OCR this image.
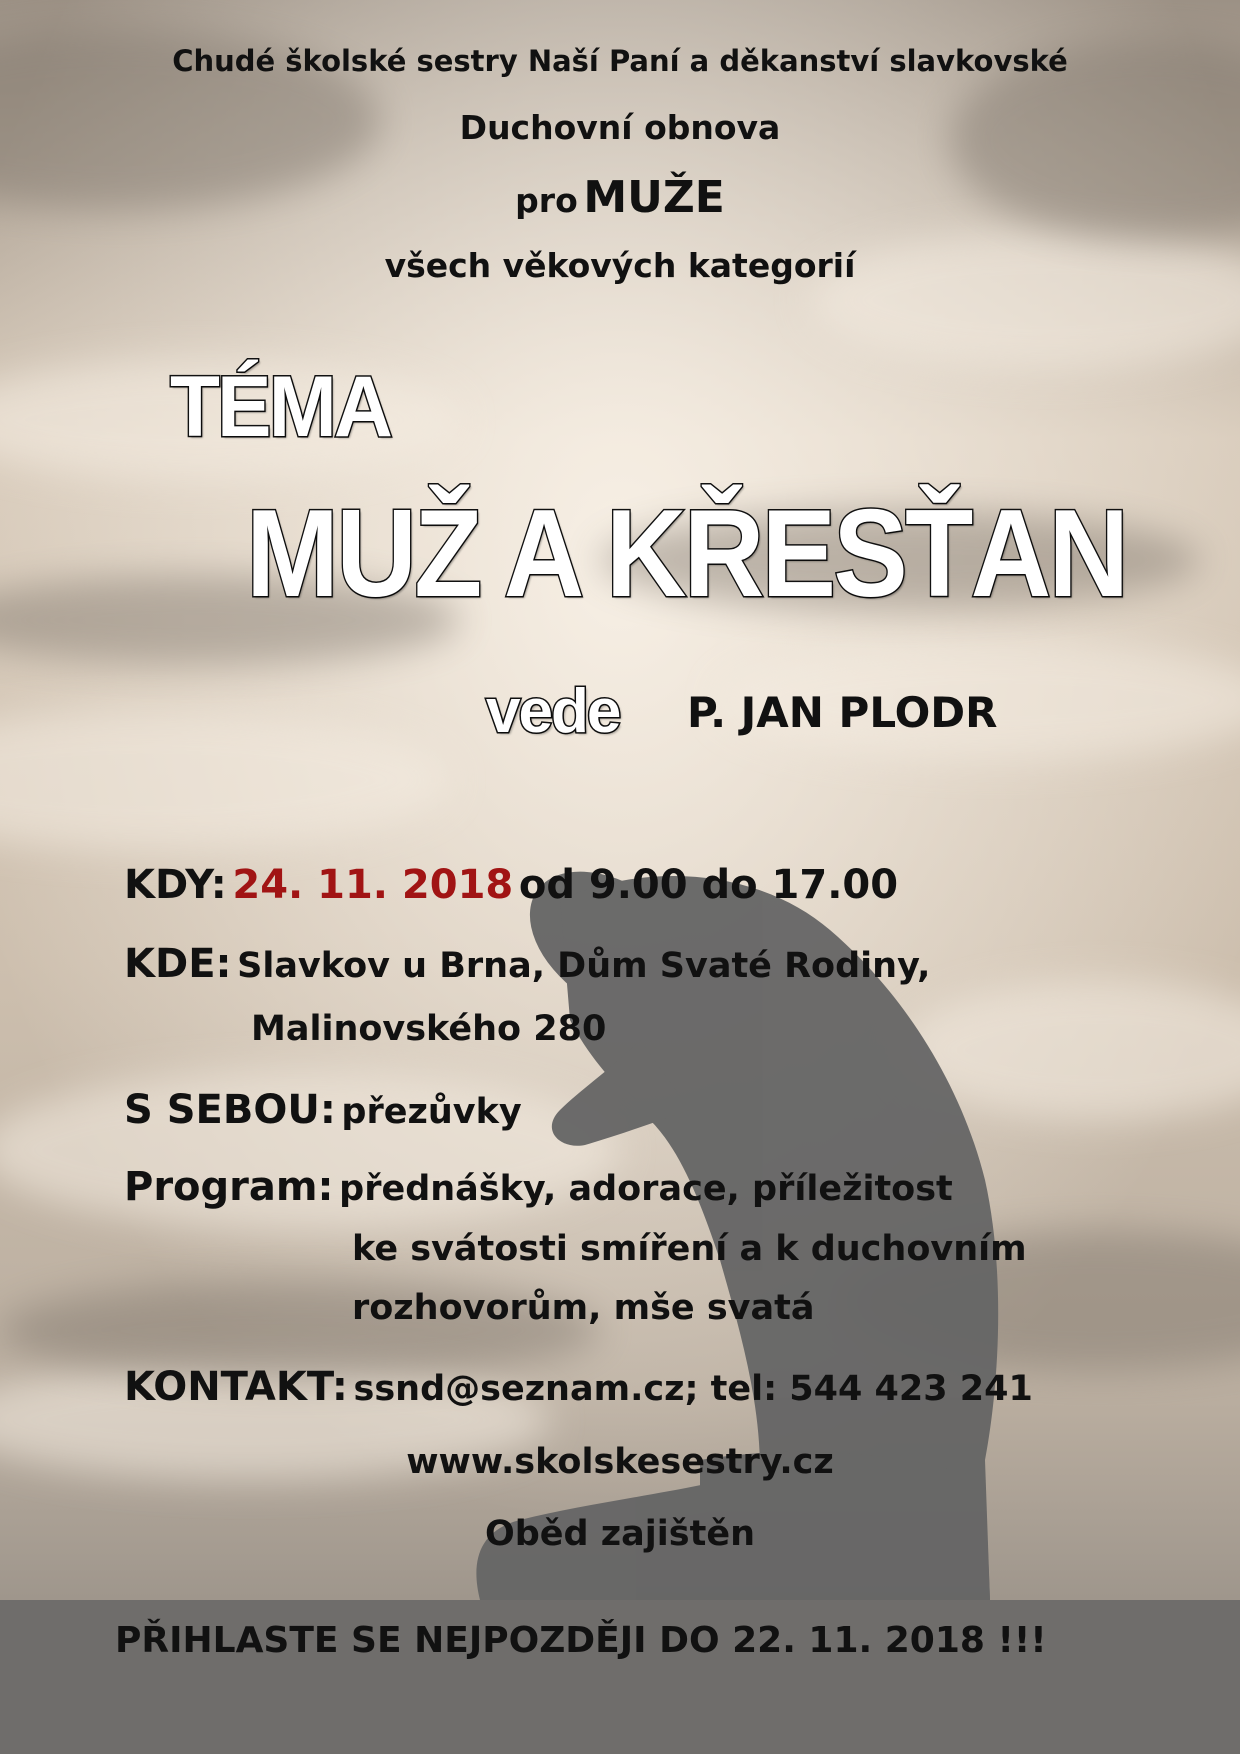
Chudé školské sestry Naší Paní a děkanství slavkovské
Duchovní obnova
pro MUŽE
všech věkových kategorií
TÉMA
MUŽ A KŘESŤAN
vede P. JAN PLODR
KDY: 24. 11. 2018 od 9.00 do 17.00
KDE: Slavkov u Brna, Dům Svaté Rodiny,
Malinovského 280
S SEBOU: přezůvky
Program: přednášky, adorace, příležitost
ke svátosti smíření a k duchovním
rozhovorům, mše svatá
KONTAKT: ssnd@seznam.cz; tel: 544 423 241
www.skolskesestry.cz
Oběd zajištěn
PŘIHLASTE SE NEJPOZDĚJI DO 22. 11. 2018 !!!
